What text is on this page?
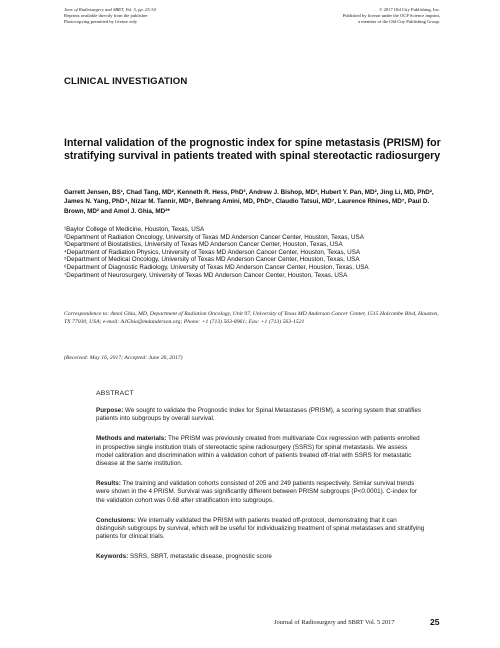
Jour. of Radiosurgery and SBRT, Vol. 5, pp. 25-34
Reprints available directly from the publisher
Photocopying permitted by license only
© 2017 Old City Publishing, Inc.
Published by license under the OCP Science imprint,
a member of the Old City Publishing Group.
CLINICAL INVESTIGATION
Internal validation of the prognostic index for spine metastasis (PRISM) for stratifying survival in patients treated with spinal stereotactic radiosurgery
Garrett Jensen, BS¹, Chad Tang, MD², Kenneth R. Hess, PhD³, Andrew J. Bishop, MD², Hubert Y. Pan, MD², Jing Li, MD, PhD², James N. Yang, PhD⁴, Nizar M. Tannir, MD⁵, Behrang Amini, MD, PhD⁶, Claudio Tatsui, MD⁷, Laurence Rhines, MD⁷, Paul D. Brown, MD² and Amol J. Ghia, MD²*
¹Baylor College of Medicine, Houston, Texas, USA
²Department of Radiation Oncology, University of Texas MD Anderson Cancer Center, Houston, Texas, USA
³Department of Biostatistics, University of Texas MD Anderson Cancer Center, Houston, Texas, USA
⁴Department of Radiation Physics, University of Texas MD Anderson Cancer Center, Houston, Texas, USA
⁵Department of Medical Oncology, University of Texas MD Anderson Cancer Center, Houston, Texas, USA
⁶Department of Diagnostic Radiology, University of Texas MD Anderson Cancer Center, Houston, Texas, USA
⁷Department of Neurosurgery, University of Texas MD Anderson Cancer Center, Houston, Texas, USA
Correspondence to: Amol Ghia, MD, Department of Radiation Oncology, Unit 97, University of Texas MD Anderson Cancer Center, 1515 Holcombe Blvd, Houston, TX 77030, USA; e-mail: AJGhia@mdanderson.org; Phone: +1 (713) 563-8961; Fax: +1 (713) 563-1521
(Received: May 16, 2017; Accepted: June 26, 2017)
ABSTRACT

Purpose: We sought to validate the Prognostic Index for Spinal Metastases (PRISM), a scoring system that stratifies patients into subgroups by overall survival.

Methods and materials: The PRISM was previously created from multivariate Cox regression with patients enrolled in prospective single institution trials of stereotactic spine radiosurgery (SSRS) for spinal metastasis. We assess model calibration and discrimination within a validation cohort of patients treated off-trial with SSRS for metastatic disease at the same institution.

Results: The training and validation cohorts consisted of 205 and 249 patients respectively. Similar survival trends were shown in the 4 PRISM. Survival was significantly different between PRISM subgroups (P<0.0001). C-index for the validation cohort was 0.68 after stratification into subgroups.

Conclusions: We internally validated the PRISM with patients treated off-protocol, demonstrating that it can distinguish subgroups by survival, which will be useful for individualizing treatment of spinal metastases and stratifying patients for clinical trials.

Keywords: SSRS, SBRT, metastatic disease, prognostic score

Journal of Radiosurgery and SBRT Vol. 5 2017	25
